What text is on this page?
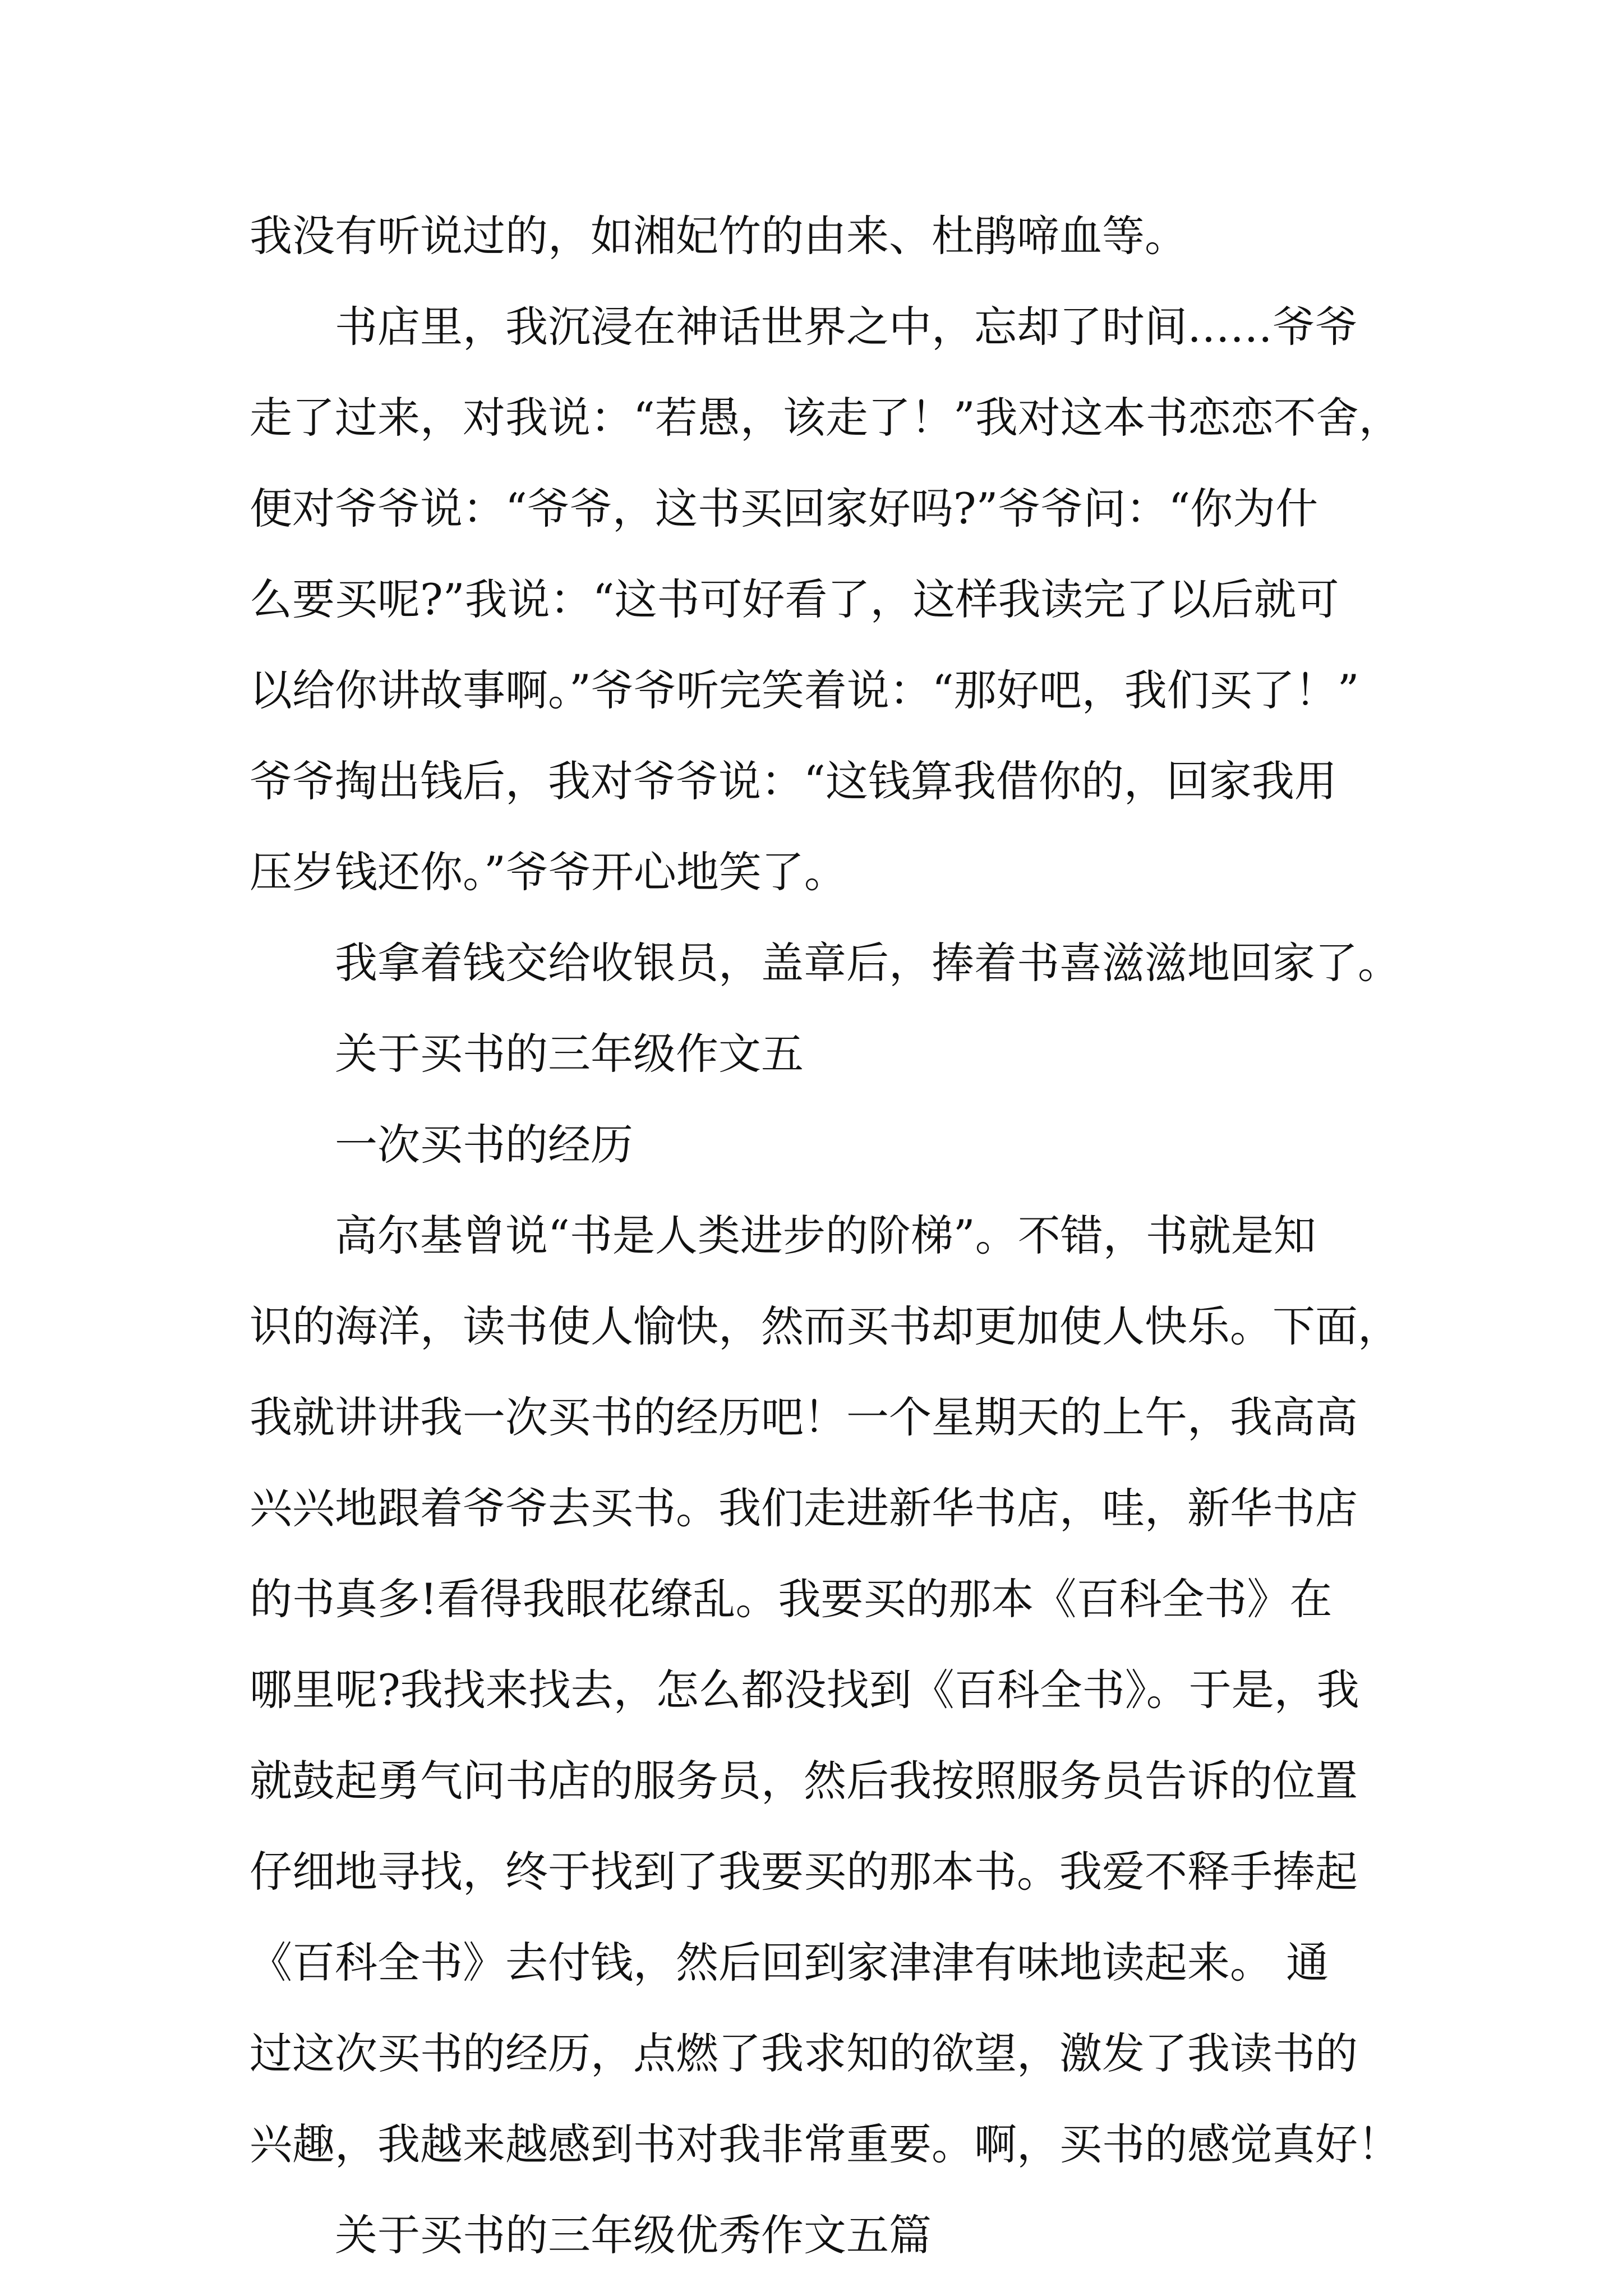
我没有听说过的，如湘妃竹的由来、杜鹃啼血等。
书店里，我沉浸在神话世界之中，忘却了时间……爷爷
走了过来，对我说：“若愚，该走了！”我对这本书恋恋不舍，
便对爷爷说：“爷爷，这书买回家好吗?”爷爷问：“你为什
么要买呢?”我说：“这书可好看了，这样我读完了以后就可
以给你讲故事啊。”爷爷听完笑着说：“那好吧，我们买了！”
爷爷掏出钱后，我对爷爷说：“这钱算我借你的，回家我用
压岁钱还你。”爷爷开心地笑了。
我拿着钱交给收银员，盖章后，捧着书喜滋滋地回家了。
关于买书的三年级作文五
一次买书的经历
高尔基曾说“书是人类进步的阶梯”。不错，书就是知
识的海洋，读书使人愉快，然而买书却更加使人快乐。下面，
我就讲讲我一次买书的经历吧！一个星期天的上午，我高高
兴兴地跟着爷爷去买书。我们走进新华书店，哇，新华书店
的书真多!看得我眼花缭乱。我要买的那本《百科全书》在
哪里呢?我找来找去，怎么都没找到《百科全书》。于是，我
就鼓起勇气问书店的服务员，然后我按照服务员告诉的位置
仔细地寻找，终于找到了我要买的那本书。我爱不释手捧起
《百科全书》去付钱，然后回到家津津有味地读起来。 通
过这次买书的经历，点燃了我求知的欲望，激发了我读书的
兴趣，我越来越感到书对我非常重要。啊，买书的感觉真好！
关于买书的三年级优秀作文五篇
